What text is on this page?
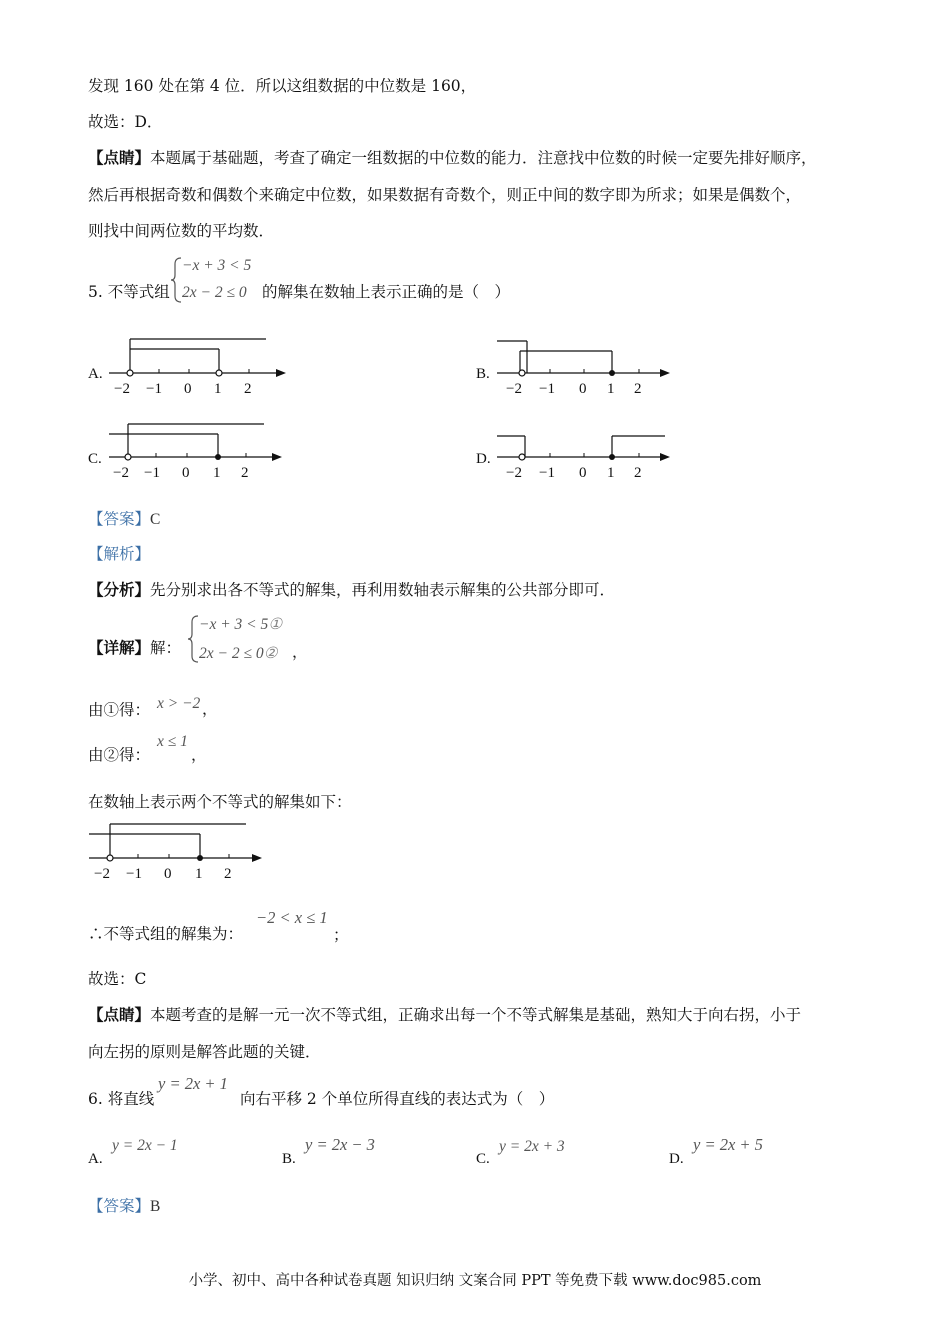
发现 160 处在第 4 位．所以这组数据的中位数是 160，
故选：D．
【点睛】本题属于基础题，考查了确定一组数据的中位数的能力．注意找中位数的时候一定要先排好顺序，
然后再根据奇数和偶数个来确定中位数，如果数据有奇数个，则正中间的数字即为所求；如果是偶数个，
则找中间两位数的平均数．
5. 不等式组
−x + 3 < 5
2x − 2 ≤ 0 的解集在数轴上表示正确的是（　）
A.
−2 −1 0 1 2
B.
−2 −1 0 1 2
C.
−2 −1 0 1 2
D.
−2 −1 0 1 2
【答案】C
【解析】
【分析】先分别求出各不等式的解集，再利用数轴表示解集的公共部分即可．
【详解】解：
−x + 3 < 5①
2x − 2 ≤ 0② ，
由①得： x > −2 ，
由②得：
x ≤ 1
，
在数轴上表示两个不等式的解集如下：
−2 −1 0 1 2
∴不等式组的解集为：
−2 < x ≤ 1
；
故选：C
【点睛】本题考查的是解一元一次不等式组，正确求出每一个不等式解集是基础，熟知大于向右拐，小于
向左拐的原则是解答此题的关键．
6. 将直线
y = 2x + 1
向右平移 2 个单位所得直线的表达式为（　）
A.
y = 2x − 1
B.
y = 2x − 3
C.
y = 2x + 3
D.
y = 2x + 5
【答案】B
小学、初中、高中各种试卷真题 知识归纳 文案合同 PPT 等免费下载 www.doc985.com
